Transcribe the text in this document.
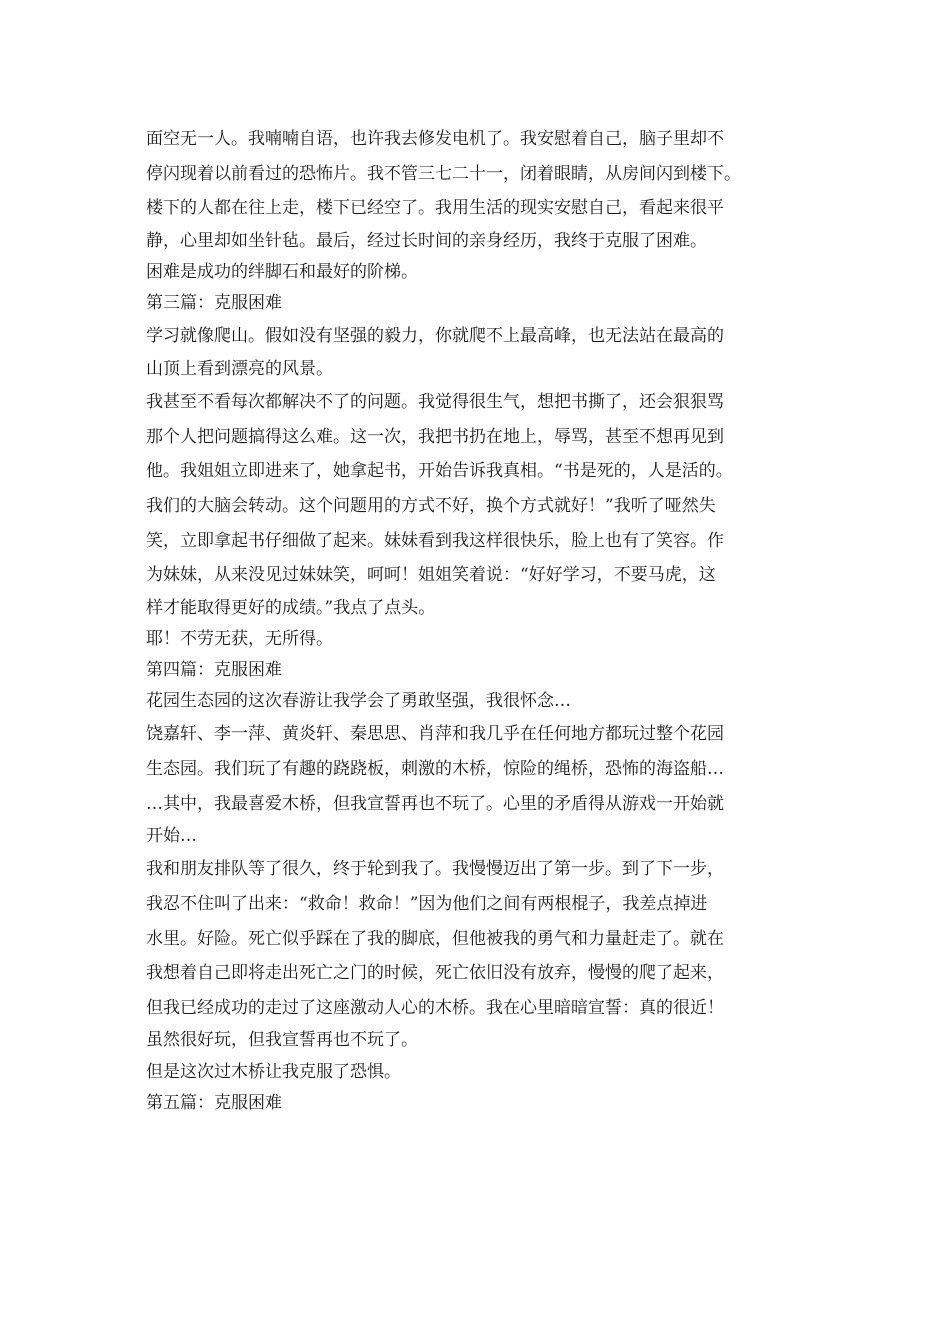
面空无一人。我喃喃自语，也许我去修发电机了。我安慰着自己，脑子里却不
停闪现着以前看过的恐怖片。我不管三七二十一，闭着眼睛，从房间闪到楼下。
楼下的人都在往上走，楼下已经空了。我用生活的现实安慰自己，看起来很平
静，心里却如坐针毡。最后，经过长时间的亲身经历，我终于克服了困难。
困难是成功的绊脚石和最好的阶梯。
第三篇：克服困难
学习就像爬山。假如没有坚强的毅力，你就爬不上最高峰，也无法站在最高的
山顶上看到漂亮的风景。
我甚至不看每次都解决不了的问题。我觉得很生气，想把书撕了，还会狠狠骂
那个人把问题搞得这么难。这一次，我把书扔在地上，辱骂，甚至不想再见到
他。我姐姐立即进来了，她拿起书，开始告诉我真相。“书是死的，人是活的。
我们的大脑会转动。这个问题用的方式不好，换个方式就好！”我听了哑然失
笑，立即拿起书仔细做了起来。妹妹看到我这样很快乐，脸上也有了笑容。作
为妹妹，从来没见过妹妹笑，呵呵！姐姐笑着说：“好好学习，不要马虎，这
样才能取得更好的成绩。”我点了点头。
耶！不劳无获，无所得。
第四篇：克服困难
花园生态园的这次春游让我学会了勇敢坚强，我很怀念…
饶嘉轩、李一萍、黄炎轩、秦思思、肖萍和我几乎在任何地方都玩过整个花园
生态园。我们玩了有趣的跷跷板，刺激的木桥，惊险的绳桥，恐怖的海盗船…
…其中，我最喜爱木桥，但我宣誓再也不玩了。心里的矛盾得从游戏一开始就
开始…
我和朋友排队等了很久，终于轮到我了。我慢慢迈出了第一步。到了下一步，
我忍不住叫了出来：“救命！救命！”因为他们之间有两根棍子，我差点掉进
水里。好险。死亡似乎踩在了我的脚底，但他被我的勇气和力量赶走了。就在
我想着自己即将走出死亡之门的时候，死亡依旧没有放弃，慢慢的爬了起来，
但我已经成功的走过了这座激动人心的木桥。我在心里暗暗宣誓：真的很近！
虽然很好玩，但我宣誓再也不玩了。
但是这次过木桥让我克服了恐惧。
第五篇：克服困难
